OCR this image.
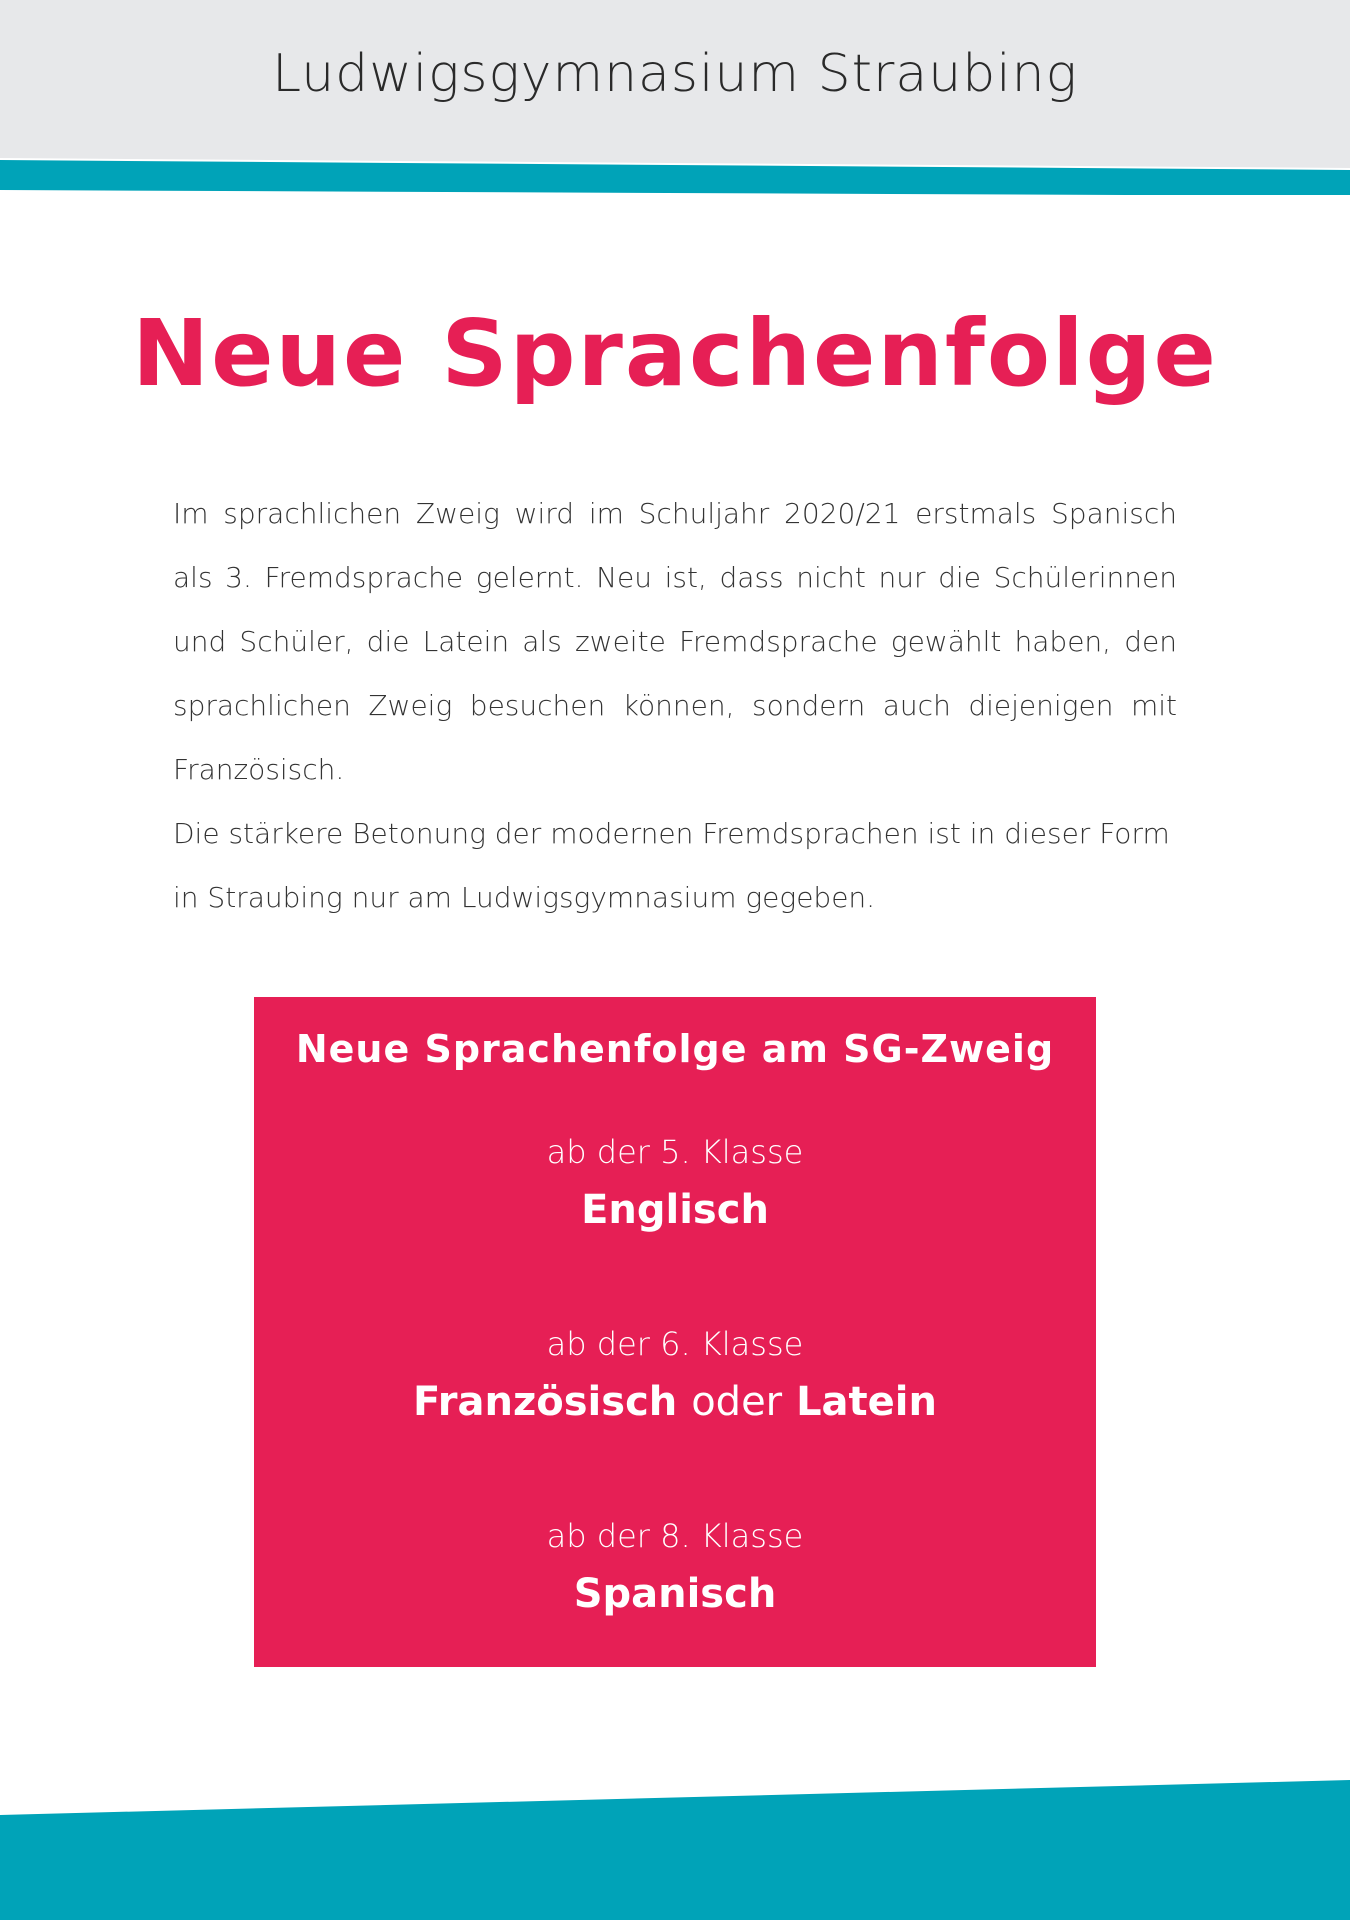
Ludwigsgymnasium Straubing
Neue Sprachenfolge

Im sprachlichen Zweig wird im Schuljahr 2020/21 erstmals Spanisch als 3. Fremdsprache gelernt. Neu ist, dass nicht nur die Schülerinnen und Schüler, die Latein als zweite Fremdsprache gewählt haben, den sprachlichen Zweig besuchen können, sondern auch diejenigen mit Französisch.

Die stärkere Betonung der modernen Fremdsprachen ist in dieser Form in Straubing nur am Ludwigsgymnasium gegeben.

Neue Sprachenfolge am SG-Zweig
ab der 5. Klasse
Englisch
ab der 6. Klasse
Französisch oder Latein
ab der 8. Klasse
Spanisch
